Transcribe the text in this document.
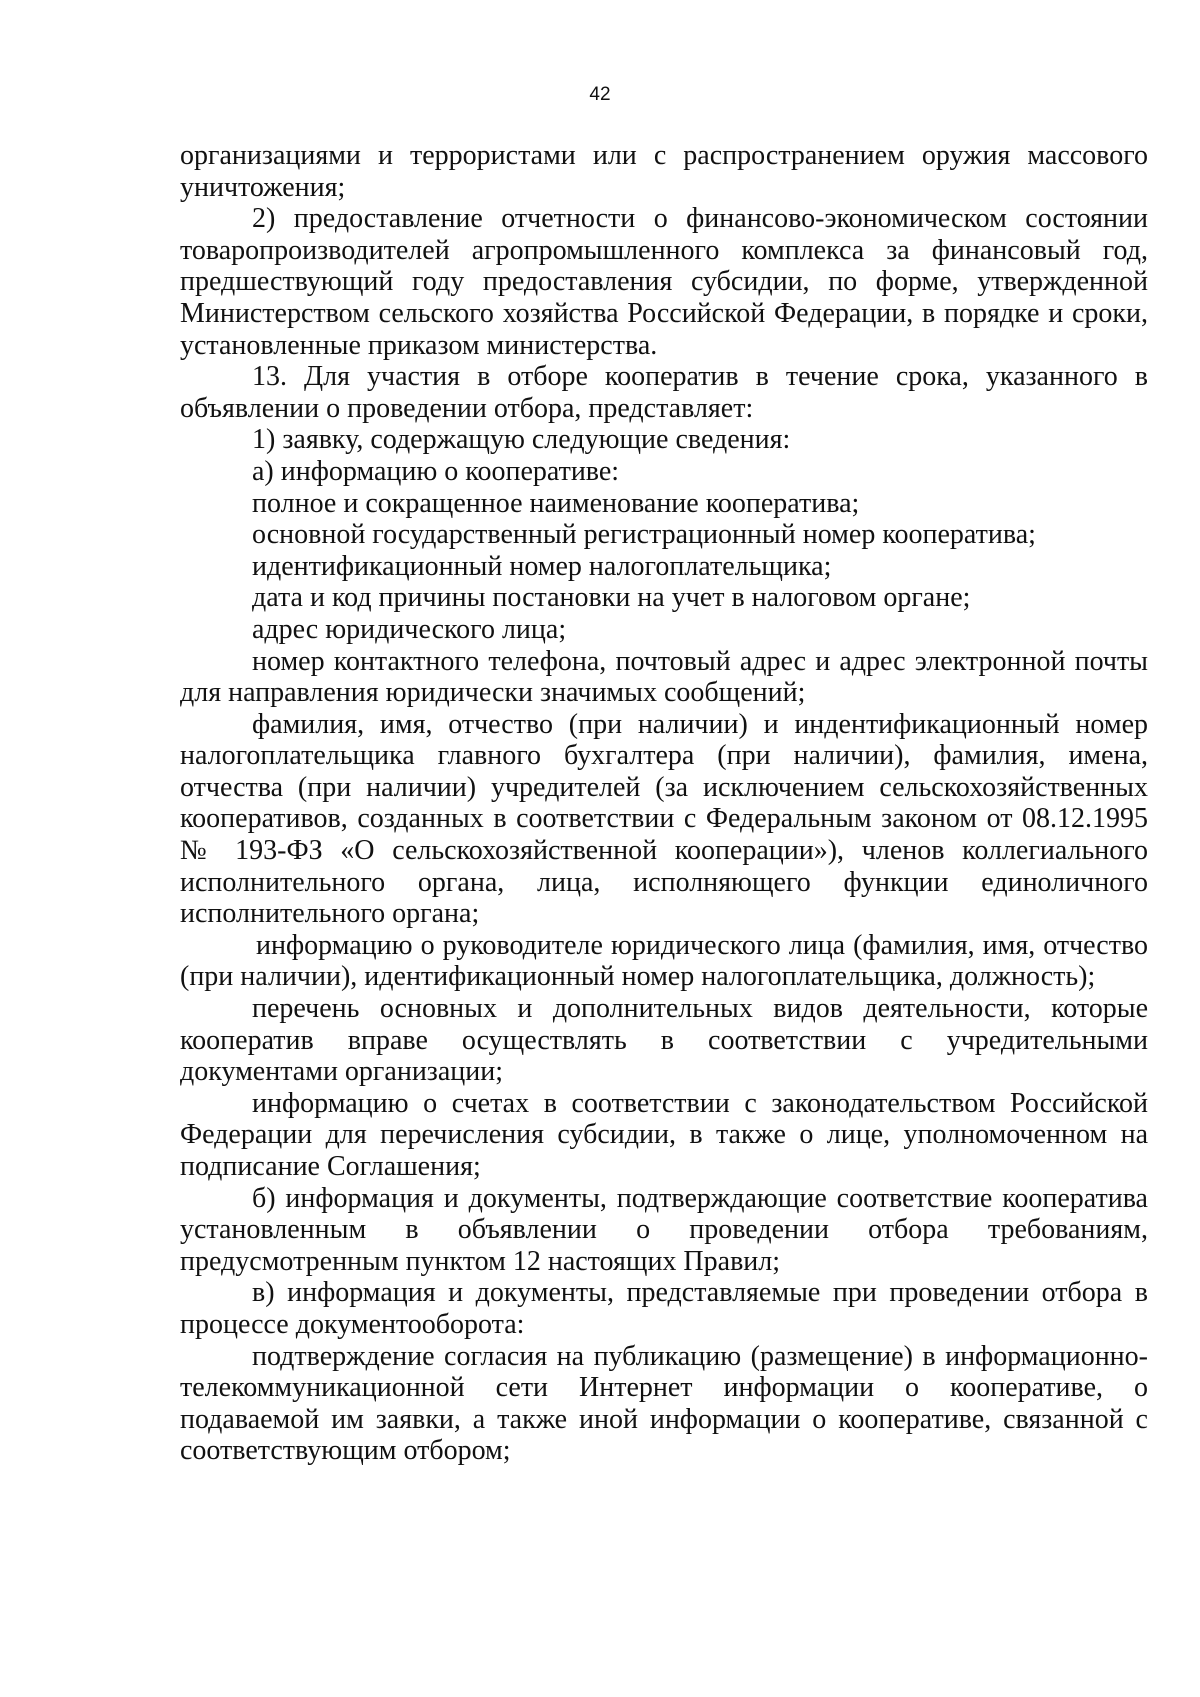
42

организациями и террористами или с распространением оружия массового уничтожения;

2) предоставление отчетности о финансово-экономическом состоянии товаропроизводителей агропромышленного комплекса за финансовый год, предшествующий году предоставления субсидии, по форме, утвержденной Министерством сельского хозяйства Российской Федерации, в порядке и сроки, установленные приказом министерства.

13. Для участия в отборе кооператив в течение срока, указанного в объявлении о проведении отбора, представляет:

1) заявку, содержащую следующие сведения:

а) информацию о кооперативе:

полное и сокращенное наименование кооператива;

основной государственный регистрационный номер кооператива;

идентификационный номер налогоплательщика;

дата и код причины постановки на учет в налоговом органе;

адрес юридического лица;

номер контактного телефона, почтовый адрес и адрес электронной почты для направления юридически значимых сообщений;

фамилия, имя, отчество (при наличии) и индентификационный номер налогоплательщика главного бухгалтера (при наличии), фамилия, имена, отчества (при наличии) учредителей (за исключением сельскохозяйственных кооперативов, созданных в соответствии с Федеральным законом от 08.12.1995 № 193-ФЗ «О сельскохозяйственной кооперации»), членов коллегиального исполнительного органа, лица, исполняющего функции единоличного исполнительного органа;

информацию о руководителе юридического лица (фамилия, имя, отчество (при наличии), идентификационный номер налогоплательщика, должность);

перечень основных и дополнительных видов деятельности, которые кооператив вправе осуществлять в соответствии с учредительными документами организации;

информацию о счетах в соответствии с законодательством Российской Федерации для перечисления субсидии, в также о лице, уполномоченном на подписание Соглашения;

б) информация и документы, подтверждающие соответствие кооператива установленным в объявлении о проведении отбора требованиям, предусмотренным пунктом 12 настоящих Правил;

в) информация и документы, представляемые при проведении отбора в процессе документооборота:

подтверждение согласия на публикацию (размещение) в информационно-телекоммуникационной сети Интернет информации о кооперативе, о подаваемой им заявки, а также иной информации о кооперативе, связанной с соответствующим отбором;
